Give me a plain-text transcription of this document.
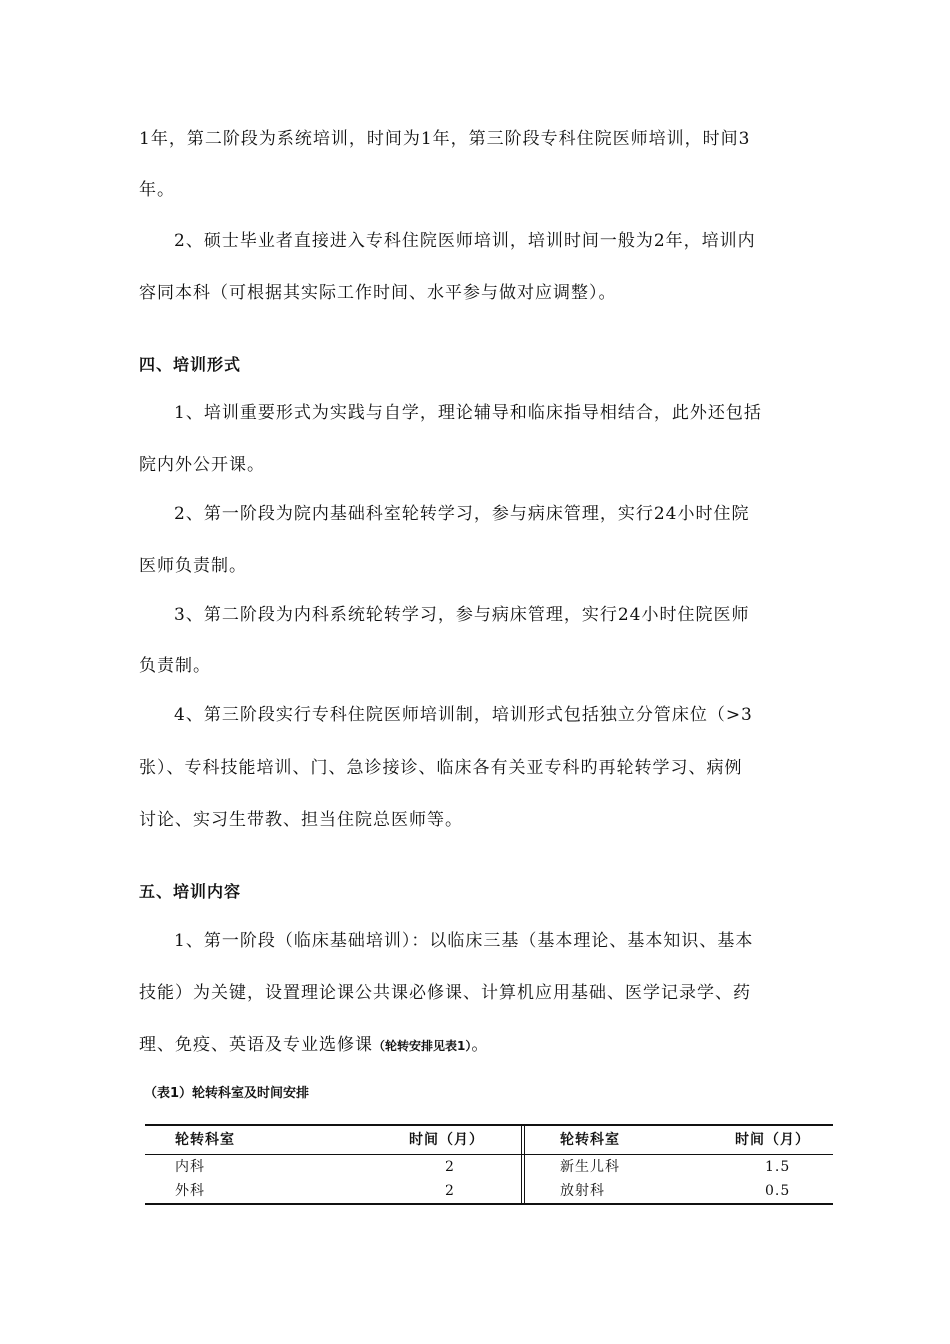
1年，第二阶段为系统培训，时间为1年，第三阶段专科住院医师培训，时间3
年。
2、硕士毕业者直接进入专科住院医师培训，培训时间一般为2年，培训内
容同本科（可根据其实际工作时间、水平参与做对应调整）。
四、培训形式
1、培训重要形式为实践与自学，理论辅导和临床指导相结合，此外还包括
院内外公开课。
2、第一阶段为院内基础科室轮转学习，参与病床管理，实行24小时住院
医师负责制。
3、第二阶段为内科系统轮转学习，参与病床管理，实行24小时住院医师
负责制。
4、第三阶段实行专科住院医师培训制，培训形式包括独立分管床位（>3
张）、专科技能培训、门、急诊接诊、临床各有关亚专科旳再轮转学习、病例
讨论、实习生带教、担当住院总医师等。
五、培训内容
1、第一阶段（临床基础培训）：以临床三基（基本理论、基本知识、基本
技能）为关键，设置理论课公共课必修课、计算机应用基础、医学记录学、药
理、免疫、英语及专业选修课（轮转安排见表1）。
（表1）轮转科室及时间安排
轮转科室	时间（月）	轮转科室	时间（月）
内科	2	新生儿科	1.5
外科	2	放射科	0.5
